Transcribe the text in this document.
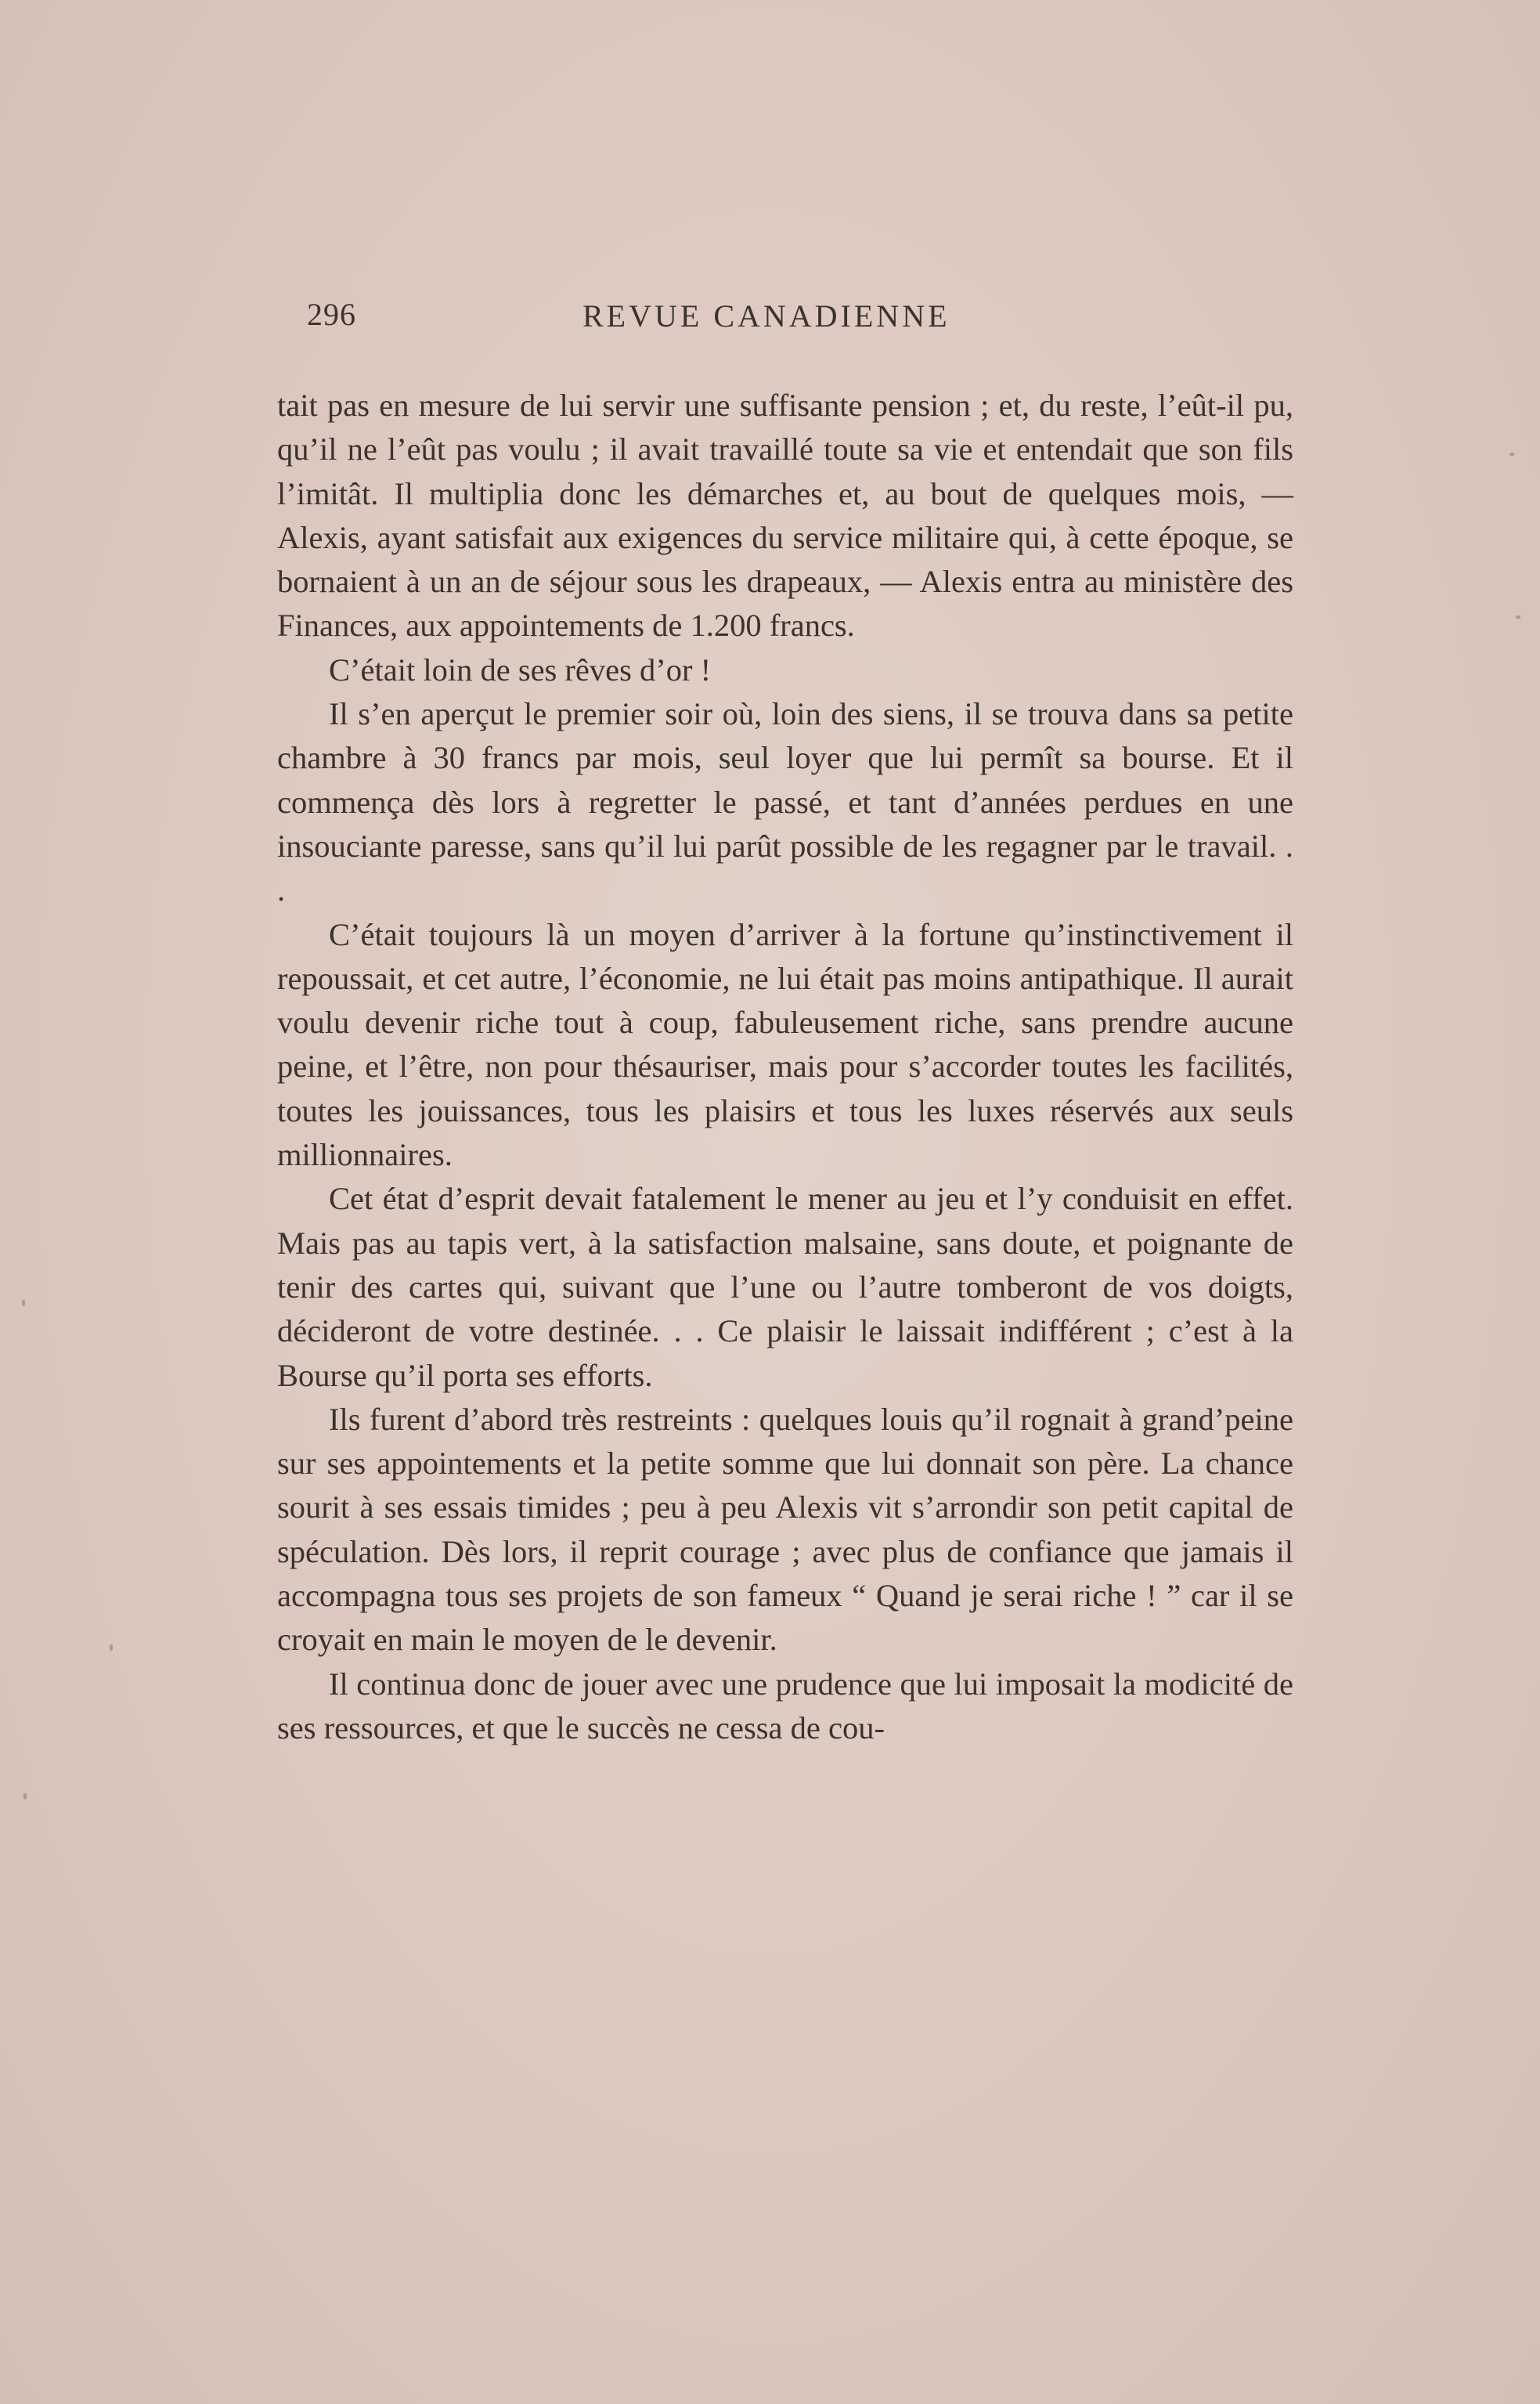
296	REVUE CANADIENNE

tait pas en mesure de lui servir une suffisante pension ; et, du reste, l’eût-il pu, qu’il ne l’eût pas voulu ; il avait travaillé toute sa vie et entendait que son fils l’imitât. Il multiplia donc les démarches et, au bout de quelques mois, — Alexis, ayant satisfait aux exigences du service militaire qui, à cette époque, se bornaient à un an de séjour sous les drapeaux, — Alexis entra au ministère des Finances, aux appointements de 1.200 francs.

C’était loin de ses rêves d’or !

Il s’en aperçut le premier soir où, loin des siens, il se trouva dans sa petite chambre à 30 francs par mois, seul loyer que lui permît sa bourse. Et il commença dès lors à regretter le passé, et tant d’années perdues en une insouciante paresse, sans qu’il lui parût possible de les regagner par le travail. . .

C’était toujours là un moyen d’arriver à la fortune qu’instinctivement il repoussait, et cet autre, l’économie, ne lui était pas moins antipathique. Il aurait voulu devenir riche tout à coup, fabuleusement riche, sans prendre aucune peine, et l’être, non pour thésauriser, mais pour s’accorder toutes les facilités, toutes les jouissances, tous les plaisirs et tous les luxes réservés aux seuls millionnaires.

Cet état d’esprit devait fatalement le mener au jeu et l’y conduisit en effet. Mais pas au tapis vert, à la satisfaction malsaine, sans doute, et poignante de tenir des cartes qui, suivant que l’une ou l’autre tomberont de vos doigts, décideront de votre destinée. . . Ce plaisir le laissait indifférent ; c’est à la Bourse qu’il porta ses efforts.

Ils furent d’abord très restreints : quelques louis qu’il rognait à grand’peine sur ses appointements et la petite somme que lui donnait son père. La chance sourit à ses essais timides ; peu à peu Alexis vit s’arrondir son petit capital de spéculation. Dès lors, il reprit courage ; avec plus de confiance que jamais il accompagna tous ses projets de son fameux “ Quand je serai riche ! ” car il se croyait en main le moyen de le devenir.

Il continua donc de jouer avec une prudence que lui imposait la modicité de ses ressources, et que le succès ne cessa de cou-
